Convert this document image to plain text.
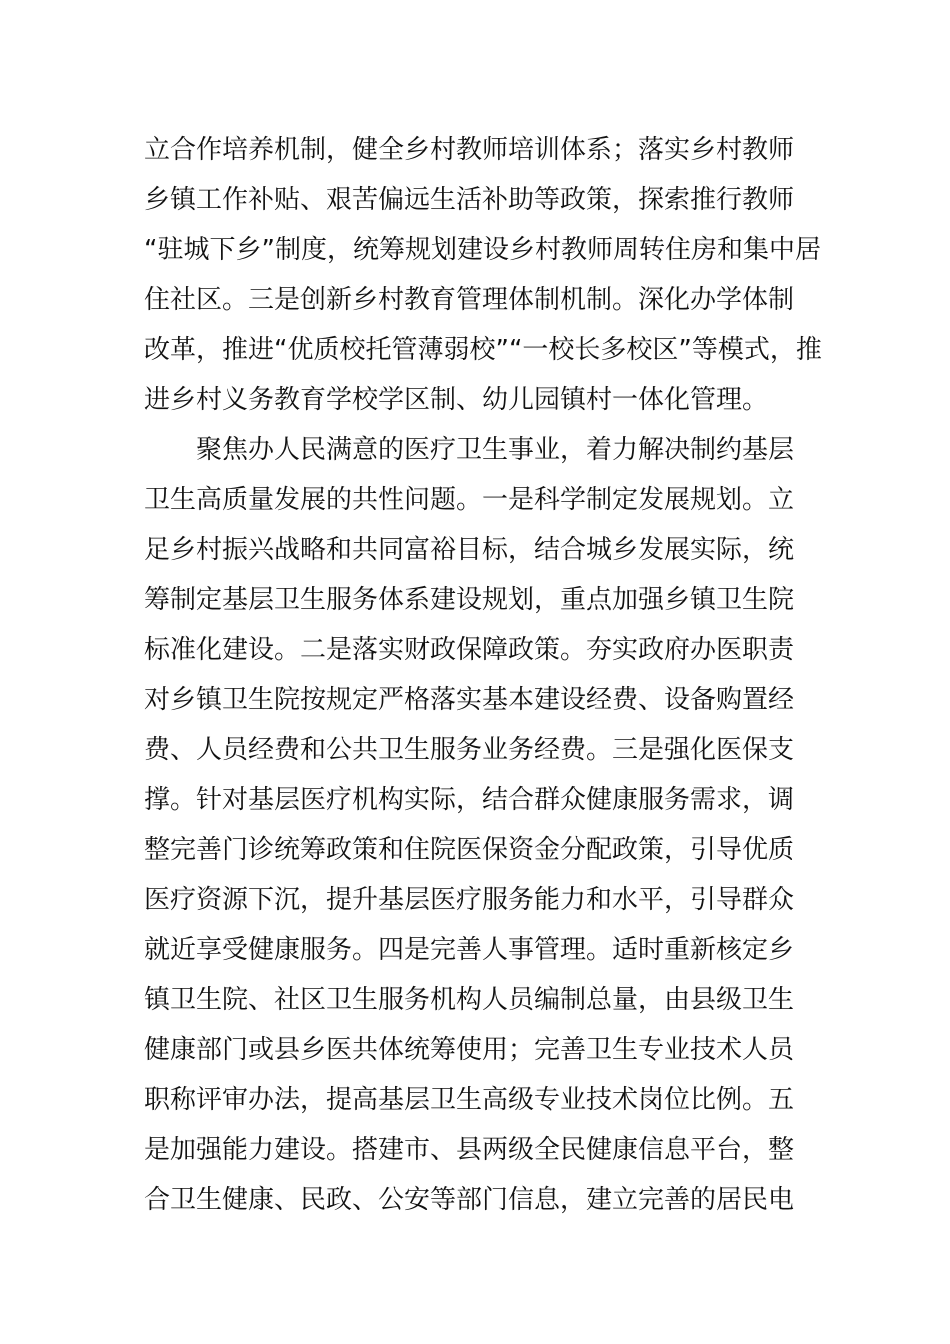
立合作培养机制，健全乡村教师培训体系；落实乡村教师
乡镇工作补贴、艰苦偏远生活补助等政策，探索推行教师
“驻城下乡”制度，统筹规划建设乡村教师周转住房和集中居
住社区。三是创新乡村教育管理体制机制。深化办学体制
改革，推进“优质校托管薄弱校”“一校长多校区”等模式，推
进乡村义务教育学校学区制、幼儿园镇村一体化管理。
聚焦办人民满意的医疗卫生事业，着力解决制约基层
卫生高质量发展的共性问题。一是科学制定发展规划。立
足乡村振兴战略和共同富裕目标，结合城乡发展实际，统
筹制定基层卫生服务体系建设规划，重点加强乡镇卫生院
标准化建设。二是落实财政保障政策。夯实政府办医职责
对乡镇卫生院按规定严格落实基本建设经费、设备购置经
费、人员经费和公共卫生服务业务经费。三是强化医保支
撑。针对基层医疗机构实际，结合群众健康服务需求，调
整完善门诊统筹政策和住院医保资金分配政策，引导优质
医疗资源下沉，提升基层医疗服务能力和水平，引导群众
就近享受健康服务。四是完善人事管理。适时重新核定乡
镇卫生院、社区卫生服务机构人员编制总量，由县级卫生
健康部门或县乡医共体统筹使用；完善卫生专业技术人员
职称评审办法，提高基层卫生高级专业技术岗位比例。五
是加强能力建设。搭建市、县两级全民健康信息平台，整
合卫生健康、民政、公安等部门信息，建立完善的居民电
